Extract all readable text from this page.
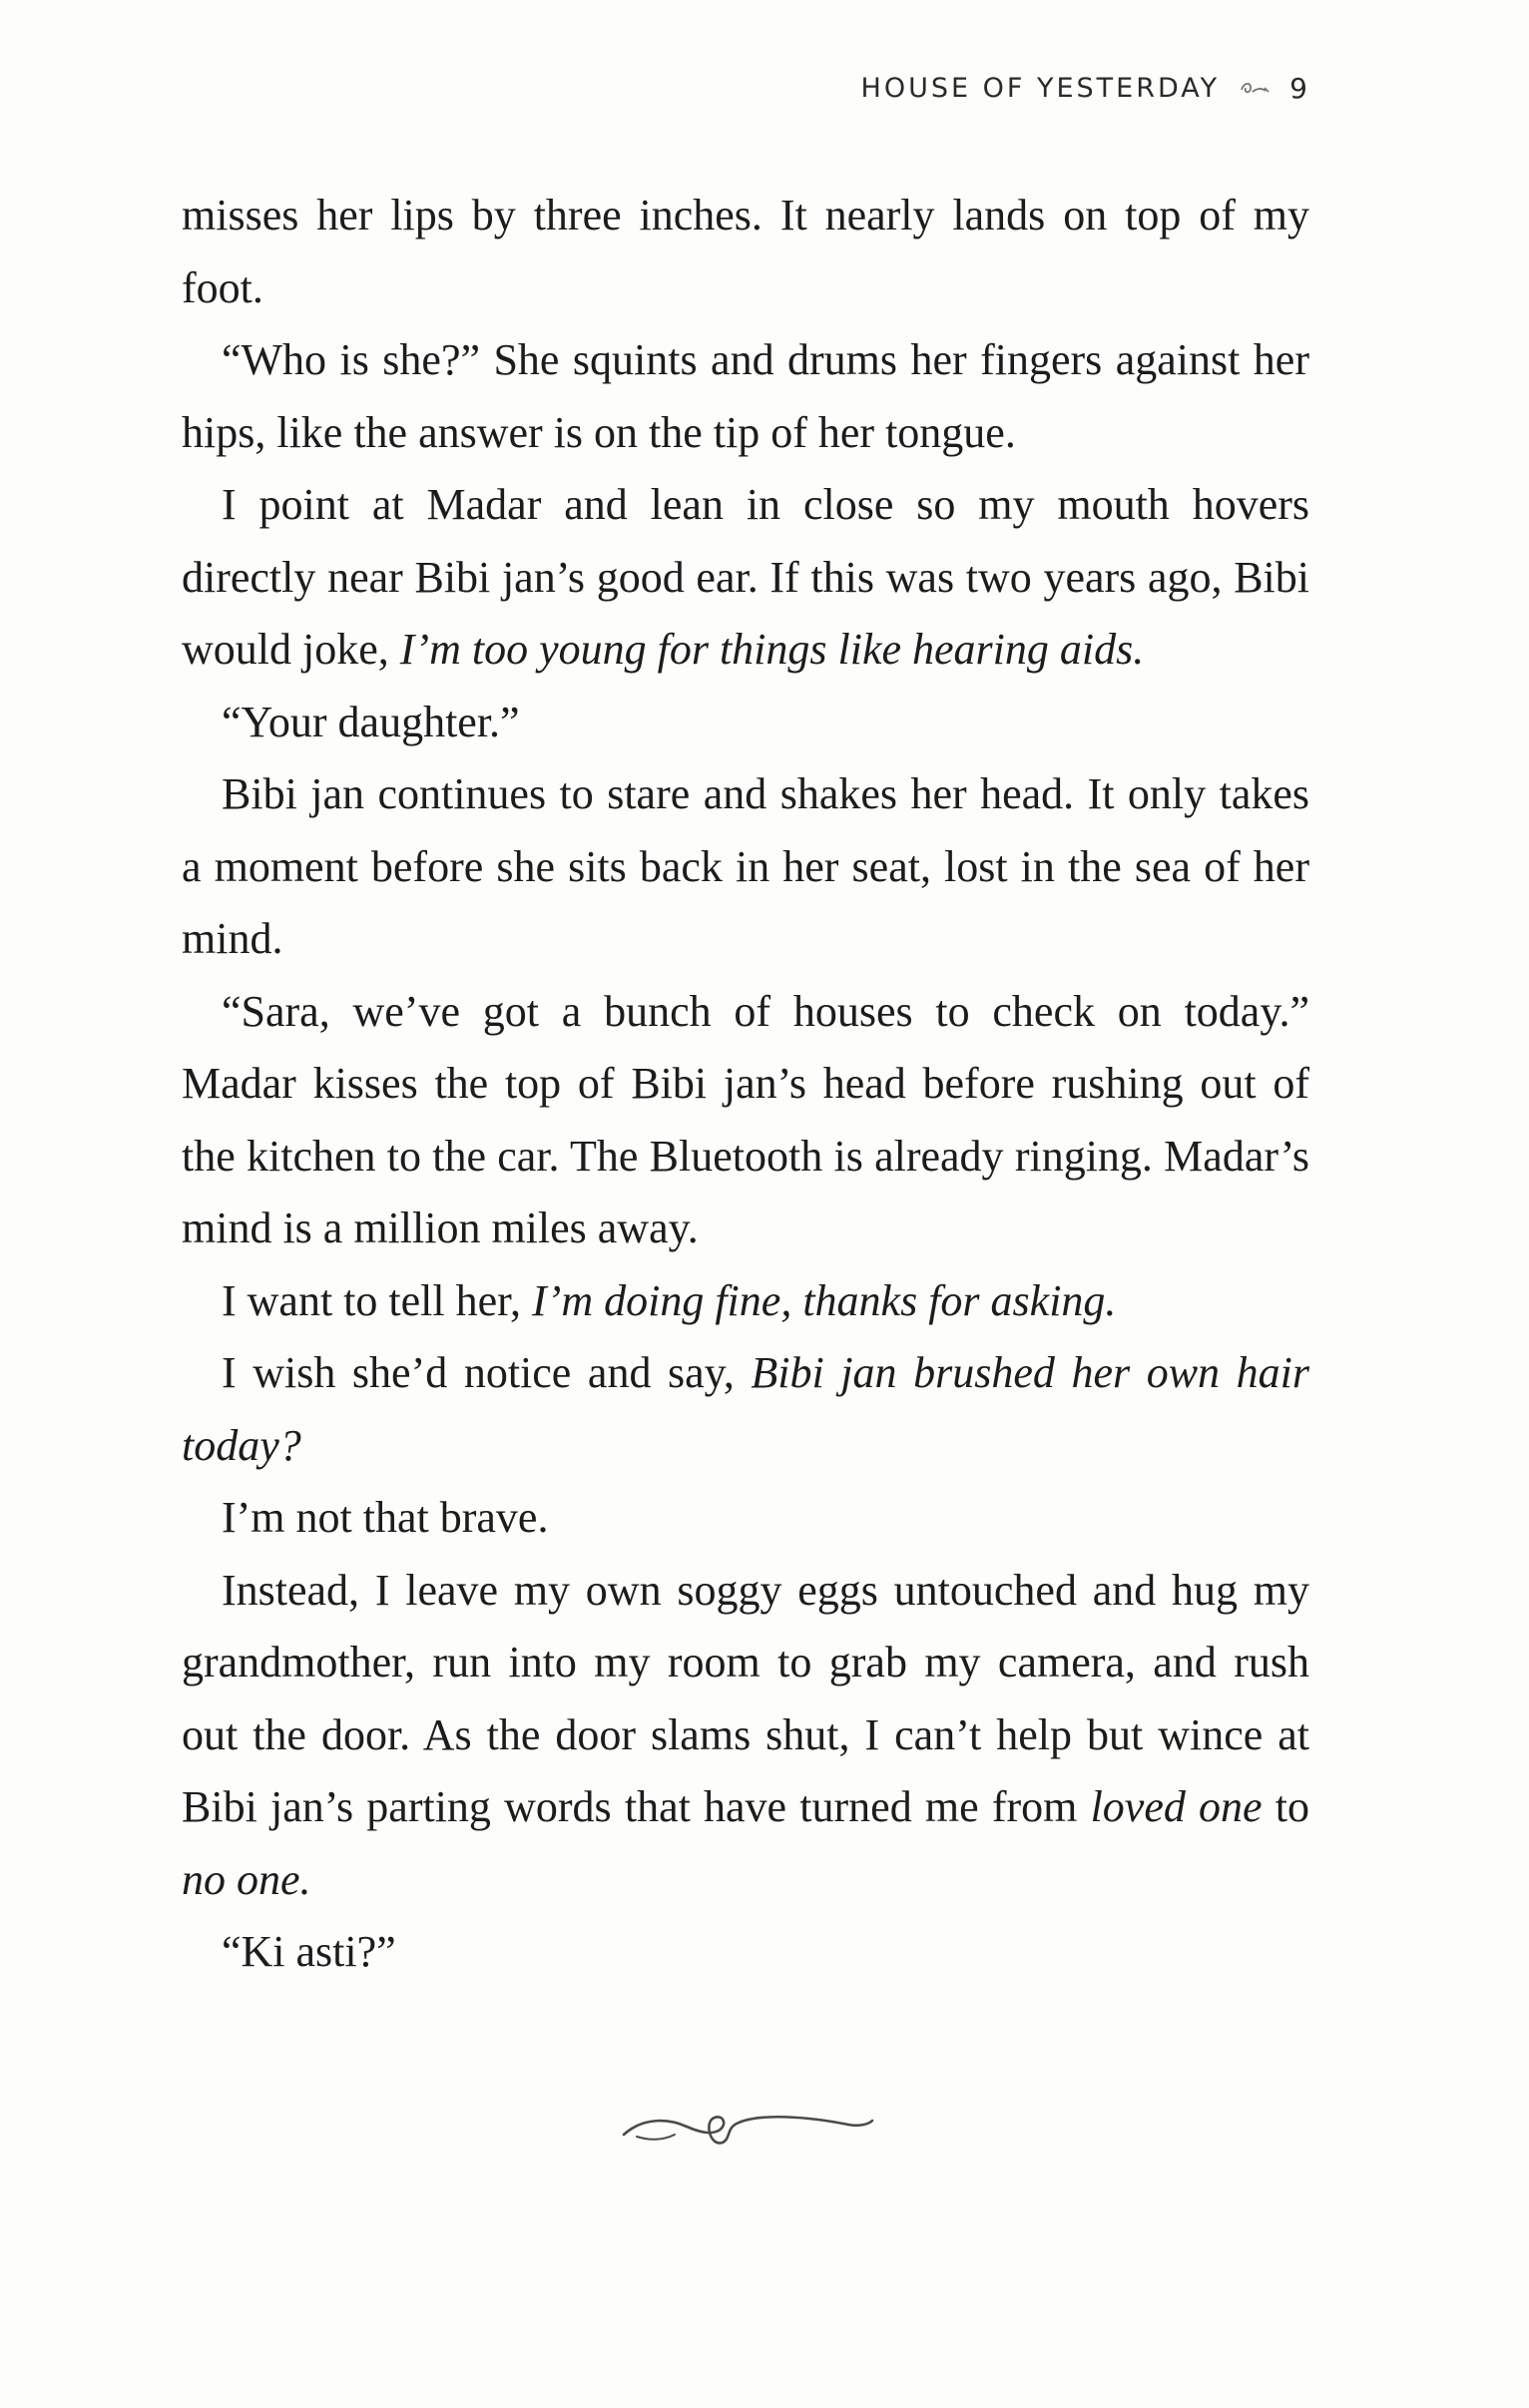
HOUSE OF YESTERDAY	9

misses her lips by three inches. It nearly lands on top of my foot.

“Who is she?” She squints and drums her fingers against her hips, like the answer is on the tip of her tongue.

I point at Madar and lean in close so my mouth hovers directly near Bibi jan’s good ear. If this was two years ago, Bibi would joke, I’m too young for things like hearing aids.

“Your daughter.”

Bibi jan continues to stare and shakes her head. It only takes a moment before she sits back in her seat, lost in the sea of her mind.

“Sara, we’ve got a bunch of houses to check on today.” Madar kisses the top of Bibi jan’s head before rushing out of the kitchen to the car. The Bluetooth is already ringing. Madar’s mind is a million miles away.

I want to tell her, I’m doing fine, thanks for asking.

I wish she’d notice and say, Bibi jan brushed her own hair today?

I’m not that brave.

Instead, I leave my own soggy eggs untouched and hug my grandmother, run into my room to grab my camera, and rush out the door. As the door slams shut, I can’t help but wince at Bibi jan’s parting words that have turned me from loved one to no one.

“Ki asti?”
